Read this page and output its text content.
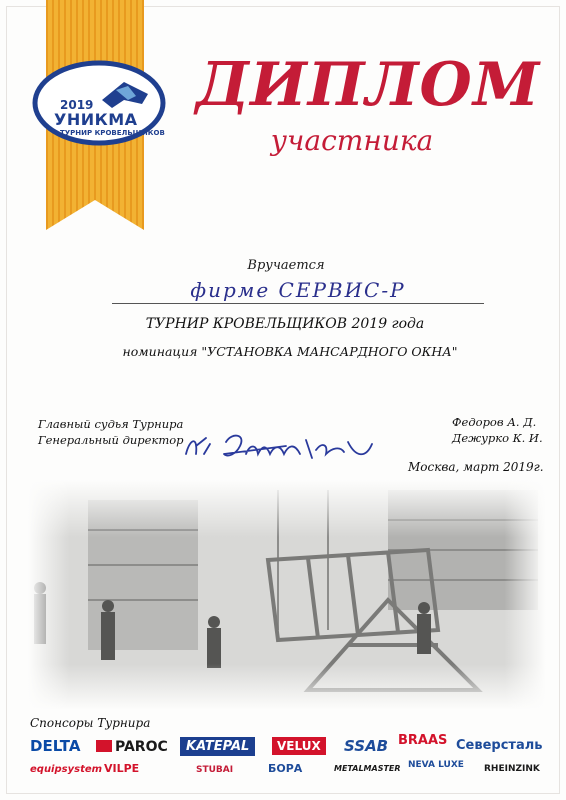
2019
УНИКМА
ТУРНИР КРОВЕЛЬЩИКОВ
ДИПЛОМ
участника
Вручается
фирме СЕРВИС-Р
ТУРНИР КРОВЕЛЬЩИКОВ 2019 года
номинация "УСТАНОВКА МАНСАРДНОГО ОКНА"
Главный судья Турнира
Генеральный директор
Федоров А. Д.
Дежурко К. И.
Москва, март 2019г.
Спонсоры Турнира
DELTA	PAROC	KATEPAL	VELUX	SSAB BRAAS Северсталь
equipsystem VILPE	STUBAI	БОРА	METALMASTER NEVA LUXE RHEINZINK
